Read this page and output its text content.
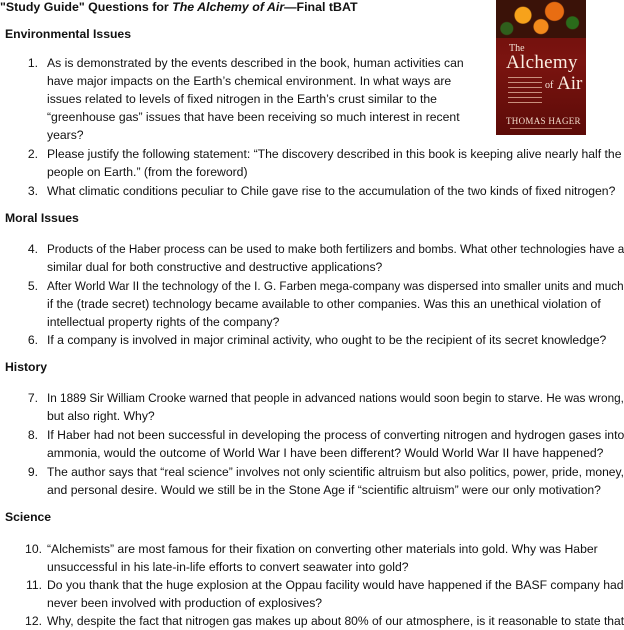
"Study Guide" Questions for The Alchemy of Air—Final tBAT
The
Alchemy
of Air
THOMAS HAGER
Environmental Issues
1. As is demonstrated by the events described in the book, human activities can
have major impacts on the Earth’s chemical environment. In what ways are
issues related to levels of fixed nitrogen in the Earth’s crust similar to the
“greenhouse gas” issues that have been receiving so much interest in recent
years?
2. Please justify the following statement: “The discovery described in this book is keeping alive nearly half the
people on Earth.” (from the foreword)
3. What climatic conditions peculiar to Chile gave rise to the accumulation of the two kinds of fixed nitrogen?
Moral Issues
4. Products of the Haber process can be used to make both fertilizers and bombs. What other technologies have a
similar dual for both constructive and destructive applications?
5. After World War II the technology of the I. G. Farben mega-company was dispersed into smaller units and much
if the (trade secret) technology became available to other companies. Was this an unethical violation of
intellectual property rights of the company?
6. If a company is involved in major criminal activity, who ought to be the recipient of its secret knowledge?
History
7. In 1889 Sir William Crooke warned that people in advanced nations would soon begin to starve. He was wrong,
but also right. Why?
8. If Haber had not been successful in developing the process of converting nitrogen and hydrogen gases into
ammonia, would the outcome of World War I have been different? Would World War II have happened?
9. The author says that “real science” involves not only scientific altruism but also politics, power, pride, money,
and personal desire. Would we still be in the Stone Age if “scientific altruism” were our only motivation?
Science
10. “Alchemists” are most famous for their fixation on converting other materials into gold. Why was Haber
unsuccessful in his late-in-life efforts to convert seawater into gold?
11. Do you thank that the huge explosion at the Oppau facility would have happened if the BASF company had
never been involved with production of explosives?
12. Why, despite the fact that nitrogen gas makes up about 80% of our atmosphere, is it reasonable to state that
